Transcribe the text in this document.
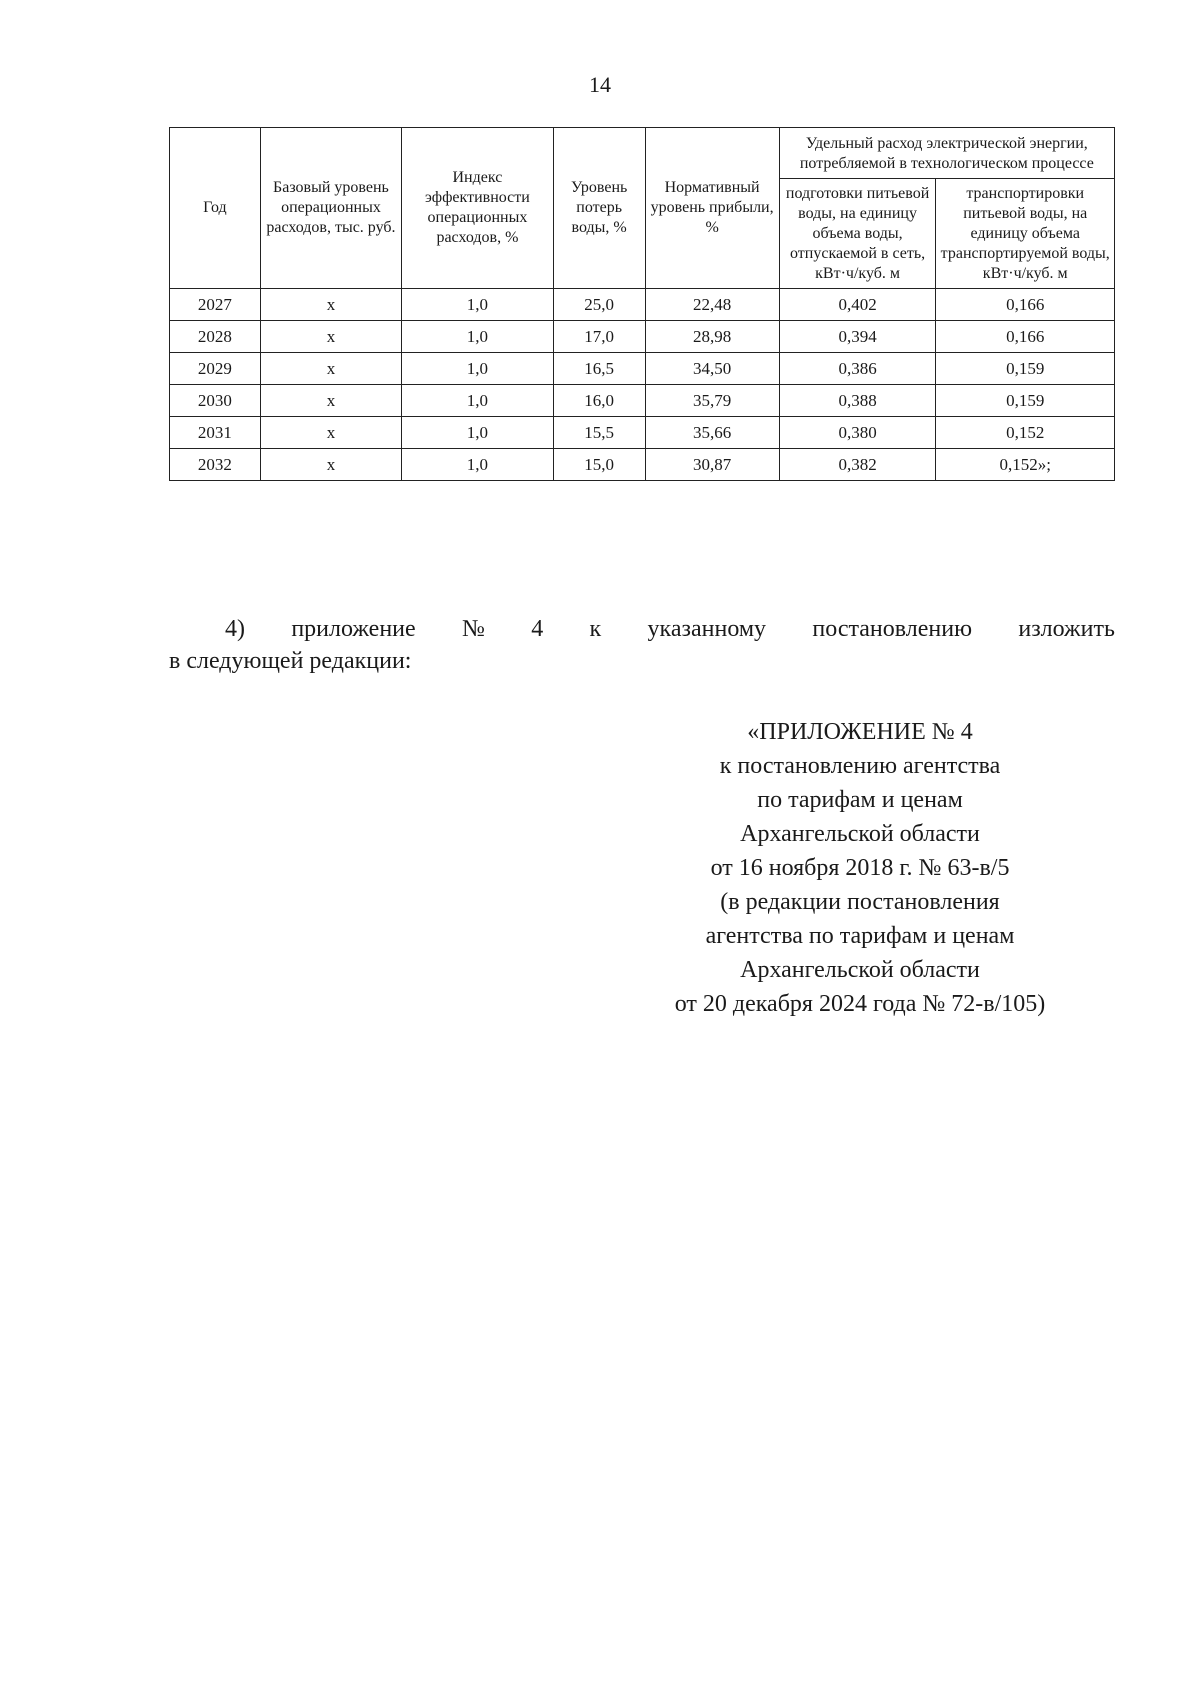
14
Год	Базовый уровень операционных расходов, тыс. руб.	Индекс эффективности операционных расходов, %	Уровень потерь воды, %	Нормативный уровень прибыли, %	Удельный расход электрической энергии, потребляемой в технологическом процессе	
					подготовки питьевой воды, на единицу объема воды, отпускаемой в сеть, кВт·ч/куб. м	транспортировки питьевой воды, на единицу объема транспортируемой воды, кВт·ч/куб. м
2027	х	1,0	25,0	22,48	0,402	0,166
2028	х	1,0	17,0	28,98	0,394	0,166
2029	х	1,0	16,5	34,50	0,386	0,159
2030	х	1,0	16,0	35,79	0,388	0,159
2031	х	1,0	15,5	35,66	0,380	0,152
2032	х	1,0	15,0	30,87	0,382	0,152»;
4) приложение № 4 к указанному постановлению изложить
в следующей редакции:
«ПРИЛОЖЕНИЕ № 4
к постановлению агентства
по тарифам и ценам
Архангельской области
от 16 ноября 2018 г. № 63-в/5
(в редакции постановления
агентства по тарифам и ценам
Архангельской области
от 20 декабря 2024 года № 72-в/105)
